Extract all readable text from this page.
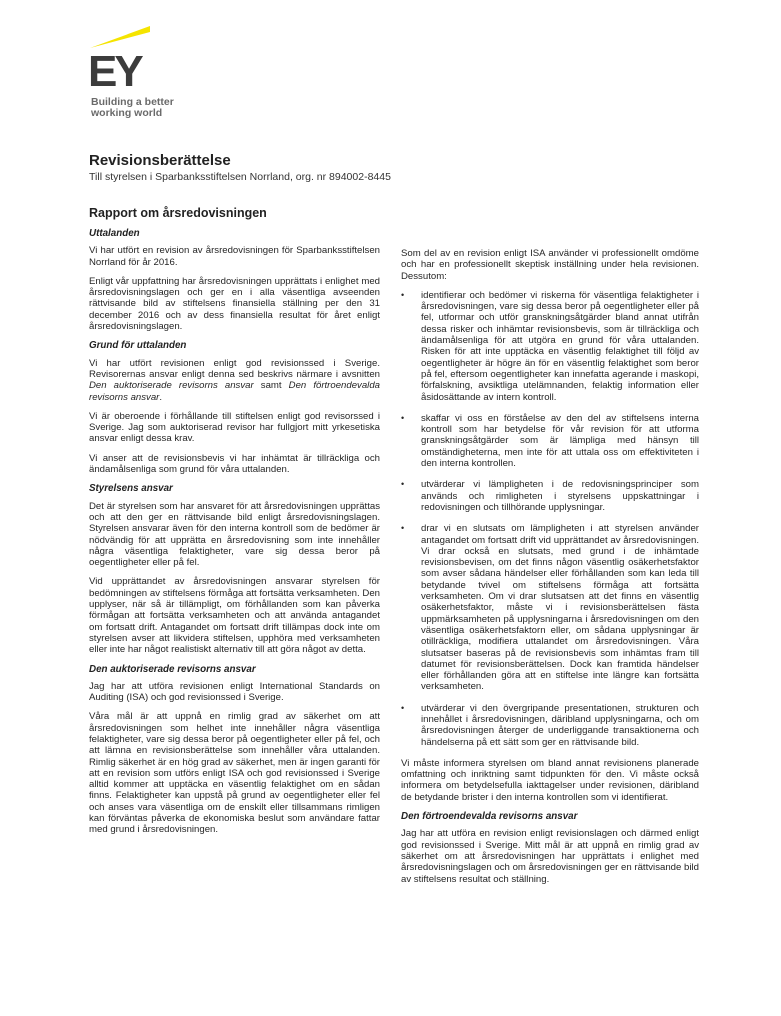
EY
Building a better
working world
Revisionsberättelse
Till styrelsen i Sparbanksstiftelsen Norrland, org. nr 894002-8445
Rapport om årsredovisningen
Uttalanden

Vi har utfört en revision av årsredovisningen för Sparbanksstiftelsen Norrland för år 2016.

Enligt vår uppfattning har årsredovisningen upprättats i enlighet med årsredovisningslagen och ger en i alla väsentliga avseenden rättvisande bild av stiftelsens finansiella ställning per den 31 december 2016 och av dess finansiella resultat för året enligt årsredovisningslagen.

Grund för uttalanden

Vi har utfört revisionen enligt god revisionssed i Sverige. Revisorernas ansvar enligt denna sed beskrivs närmare i avsnitten Den auktoriserade revisorns ansvar samt Den förtroendevalda revisorns ansvar.

Vi är oberoende i förhållande till stiftelsen enligt god revisorssed i Sverige. Jag som auktoriserad revisor har fullgjort mitt yrkesetiska ansvar enligt dessa krav.

Vi anser att de revisionsbevis vi har inhämtat är tillräckliga och ändamålsenliga som grund för våra uttalanden.

Styrelsens ansvar

Det är styrelsen som har ansvaret för att årsredovisningen upprättas och att den ger en rättvisande bild enligt årsredovisningslagen. Styrelsen ansvarar även för den interna kontroll som de bedömer är nödvändig för att upprätta en årsredovisning som inte innehåller några väsentliga felaktigheter, vare sig dessa beror på oegentligheter eller på fel.

Vid upprättandet av årsredovisningen ansvarar styrelsen för bedömningen av stiftelsens förmåga att fortsätta verksamheten. Den upplyser, när så är tillämpligt, om förhållanden som kan påverka förmågan att fortsätta verksamheten och att använda antagandet om fortsatt drift. Antagandet om fortsatt drift tillämpas dock inte om styrelsen avser att likvidera stiftelsen, upphöra med verksamheten eller inte har något realistiskt alternativ till att göra något av detta.

Den auktoriserade revisorns ansvar

Jag har att utföra revisionen enligt International Standards on Auditing (ISA) och god revisionssed i Sverige.

Våra mål är att uppnå en rimlig grad av säkerhet om att årsredovisningen som helhet inte innehåller några väsentliga felaktigheter, vare sig dessa beror på oegentligheter eller på fel, och att lämna en revisionsberättelse som innehåller våra uttalanden. Rimlig säkerhet är en hög grad av säkerhet, men är ingen garanti för att en revision som utförs enligt ISA och god revisionssed i Sverige alltid kommer att upptäcka en väsentlig felaktighet om en sådan finns. Felaktigheter kan uppstå på grund av oegentligheter eller fel och anses vara väsentliga om de enskilt eller tillsammans rimligen kan förväntas påverka de ekonomiska beslut som användare fattar med grund i årsredovisningen.

Som del av en revision enligt ISA använder vi professionellt omdöme och har en professionellt skeptisk inställning under hela revisionen. Dessutom:

• identifierar och bedömer vi riskerna för väsentliga felaktigheter i årsredovisningen, vare sig dessa beror på oegentligheter eller på fel, utformar och utför granskningsåtgärder bland annat utifrån dessa risker och inhämtar revisionsbevis, som är tillräckliga och ändamålsenliga för att utgöra en grund för våra uttalanden. Risken för att inte upptäcka en väsentlig felaktighet till följd av oegentligheter är högre än för en väsentlig felaktighet som beror på fel, eftersom oegentligheter kan innefatta agerande i maskopi, förfalskning, avsiktliga utelämnanden, felaktig information eller åsidosättande av intern kontroll.
• skaffar vi oss en förståelse av den del av stiftelsens interna kontroll som har betydelse för vår revision för att utforma granskningsåtgärder som är lämpliga med hänsyn till omständigheterna, men inte för att uttala oss om effektiviteten i den interna kontrollen.
• utvärderar vi lämpligheten i de redovisningsprinciper som används och rimligheten i styrelsens uppskattningar i redovisningen och tillhörande upplysningar.
• drar vi en slutsats om lämpligheten i att styrelsen använder antagandet om fortsatt drift vid upprättandet av årsredovisningen. Vi drar också en slutsats, med grund i de inhämtade revisionsbevisen, om det finns någon väsentlig osäkerhetsfaktor som avser sådana händelser eller förhållanden som kan leda till betydande tvivel om stiftelsens förmåga att fortsätta verksamheten. Om vi drar slutsatsen att det finns en väsentlig osäkerhetsfaktor, måste vi i revisionsberättelsen fästa uppmärksamheten på upplysningarna i årsredovisningen om den väsentliga osäkerhetsfaktorn eller, om sådana upplysningar är otillräckliga, modifiera uttalandet om årsredovisningen. Våra slutsatser baseras på de revisionsbevis som inhämtas fram till datumet för revisionsberättelsen. Dock kan framtida händelser eller förhållanden göra att en stiftelse inte längre kan fortsätta verksamheten.
• utvärderar vi den övergripande presentationen, strukturen och innehållet i årsredovisningen, däribland upplysningarna, och om årsredovisningen återger de underliggande transaktionerna och händelserna på ett sätt som ger en rättvisande bild.

Vi måste informera styrelsen om bland annat revisionens planerade omfattning och inriktning samt tidpunkten för den. Vi måste också informera om betydelsefulla iakttagelser under revisionen, däribland de betydande brister i den interna kontrollen som vi identifierat.

Den förtroendevalda revisorns ansvar

Jag har att utföra en revision enligt revisionslagen och därmed enligt god revisionssed i Sverige. Mitt mål är att uppnå en rimlig grad av säkerhet om att årsredovisningen har upprättats i enlighet med årsredovisningslagen och om årsredovisningen ger en rättvisande bild av stiftelsens resultat och ställning.
